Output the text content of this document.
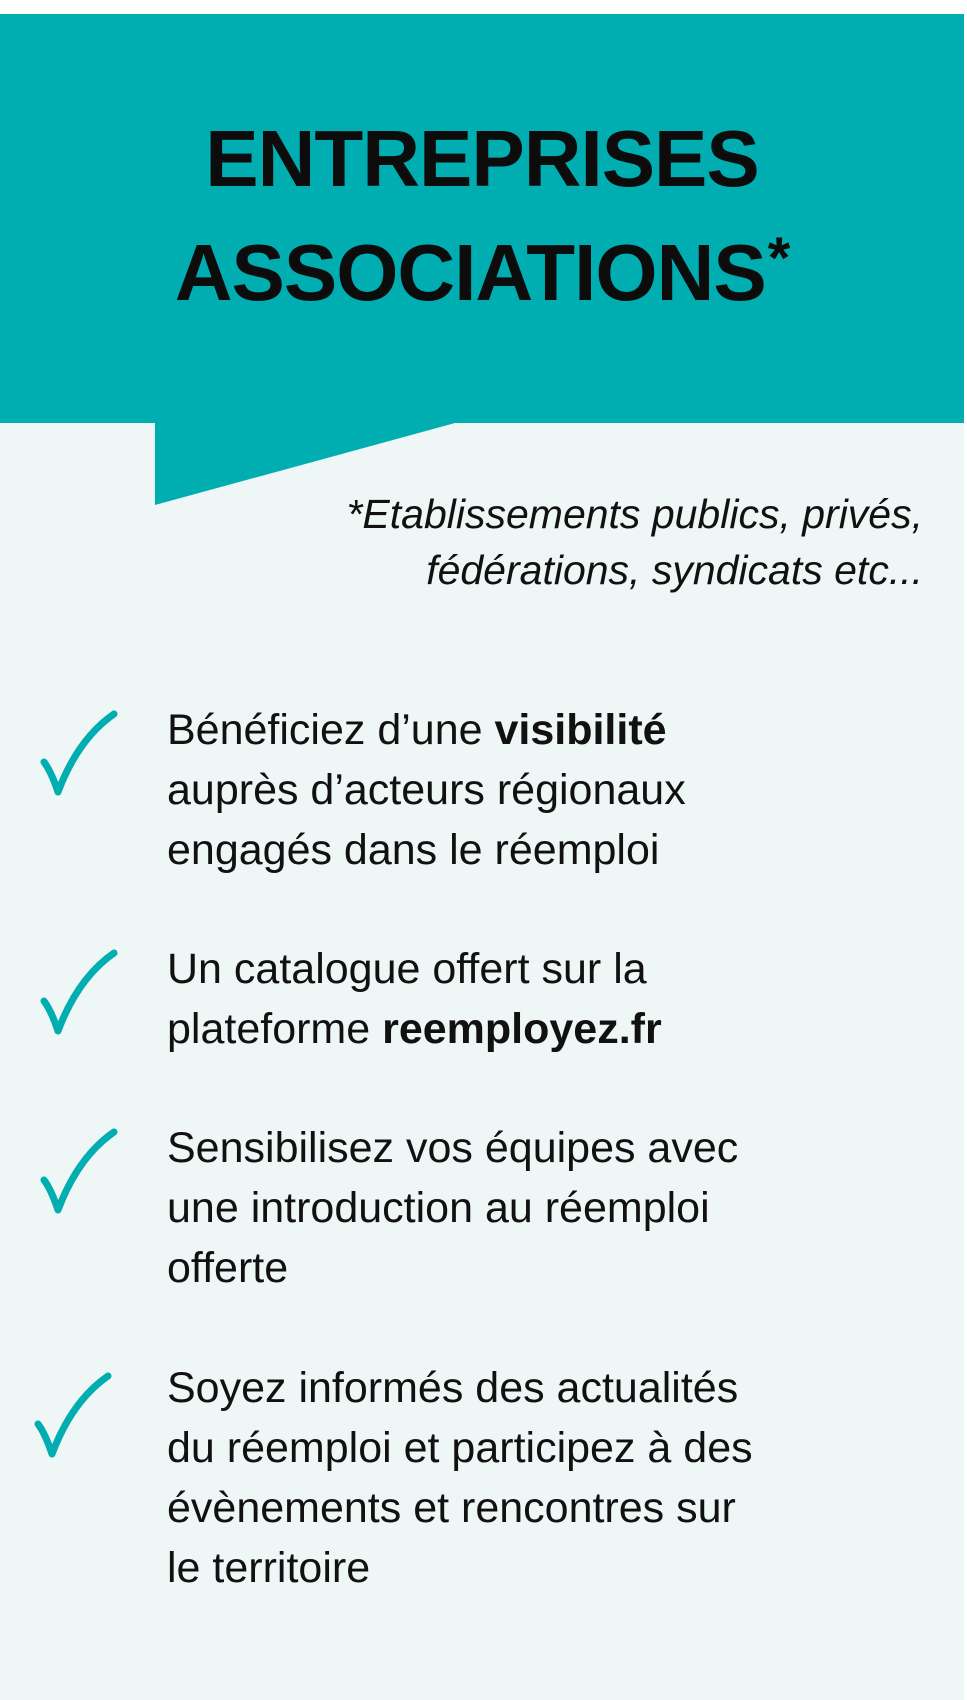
ENTREPRISES
ASSOCIATIONS*

*Etablissements publics, privés,
fédérations, syndicats etc...

Bénéficiez d’une visibilité
auprès d’acteurs régionaux
engagés dans le réemploi

Un catalogue offert sur la
plateforme reemployez.fr

Sensibilisez vos équipes avec
une introduction au réemploi
offerte

Soyez informés des actualités
du réemploi et participez à des
évènements et rencontres sur
le territoire
